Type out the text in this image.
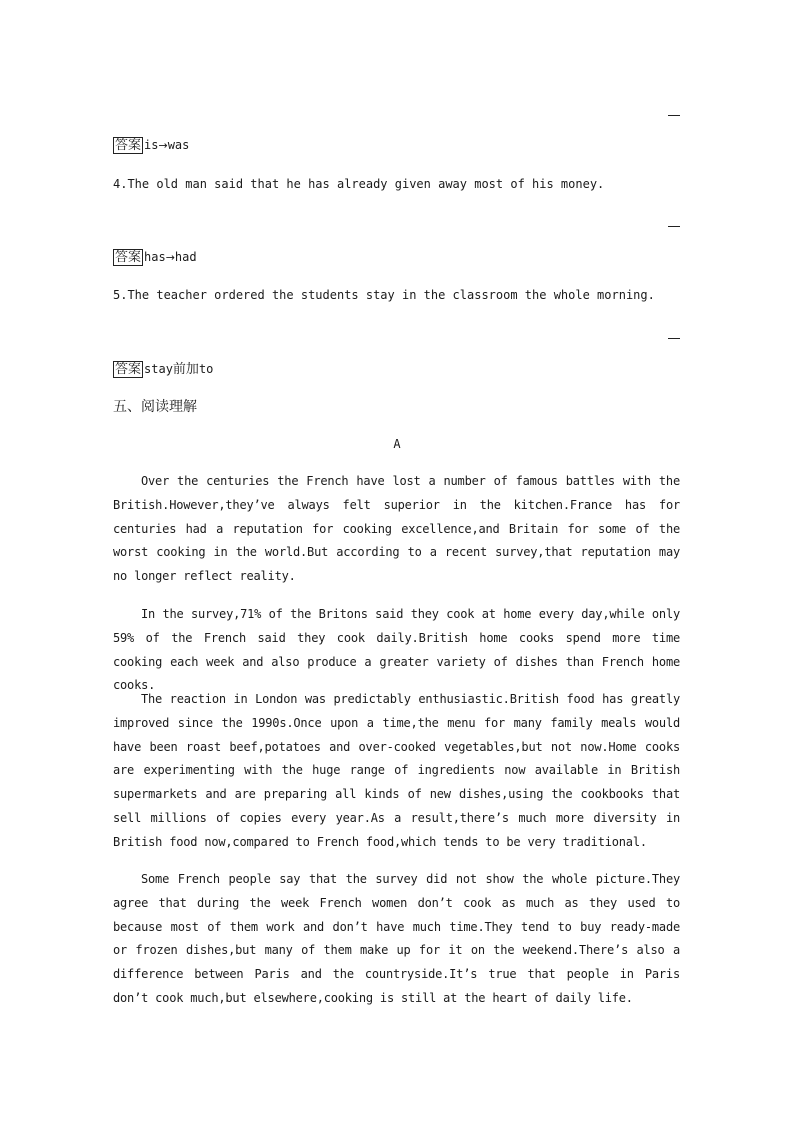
答案 is→was
4.The old man said that he has already given away most of his money.
答案 has→had
5.The teacher ordered the students stay in the classroom the whole morning.
答案 stay前加to
五、阅读理解
A

Over the centuries the French have lost a number of famous battles with the British.However,they’ve always felt superior in the kitchen.France has for centuries had a reputation for cooking excellence,and Britain for some of the worst cooking in the world.But according to a recent survey,that reputation may no longer reflect reality.

In the survey,71% of the Britons said they cook at home every day,while only 59% of the French said they cook daily.British home cooks spend more time cooking each week and also produce a greater variety of dishes than French home cooks.

The reaction in London was predictably enthusiastic.British food has greatly improved since the 1990s.Once upon a time,the menu for many family meals would have been roast beef,potatoes and over-cooked vegetables,but not now.Home cooks are experimenting with the huge range of ingredients now available in British supermarkets and are preparing all kinds of new dishes,using the cookbooks that sell millions of copies every year.As a result,there’s much more diversity in British food now,compared to French food,which tends to be very traditional.

Some French people say that the survey did not show the whole picture.They agree that during the week French women don’t cook as much as they used to because most of them work and don’t have much time.They tend to buy ready-made or frozen dishes,but many of them make up for it on the weekend.There’s also a difference between Paris and the countryside.It’s true that people in Paris don’t cook much,but elsewhere,cooking is still at the heart of daily life.
